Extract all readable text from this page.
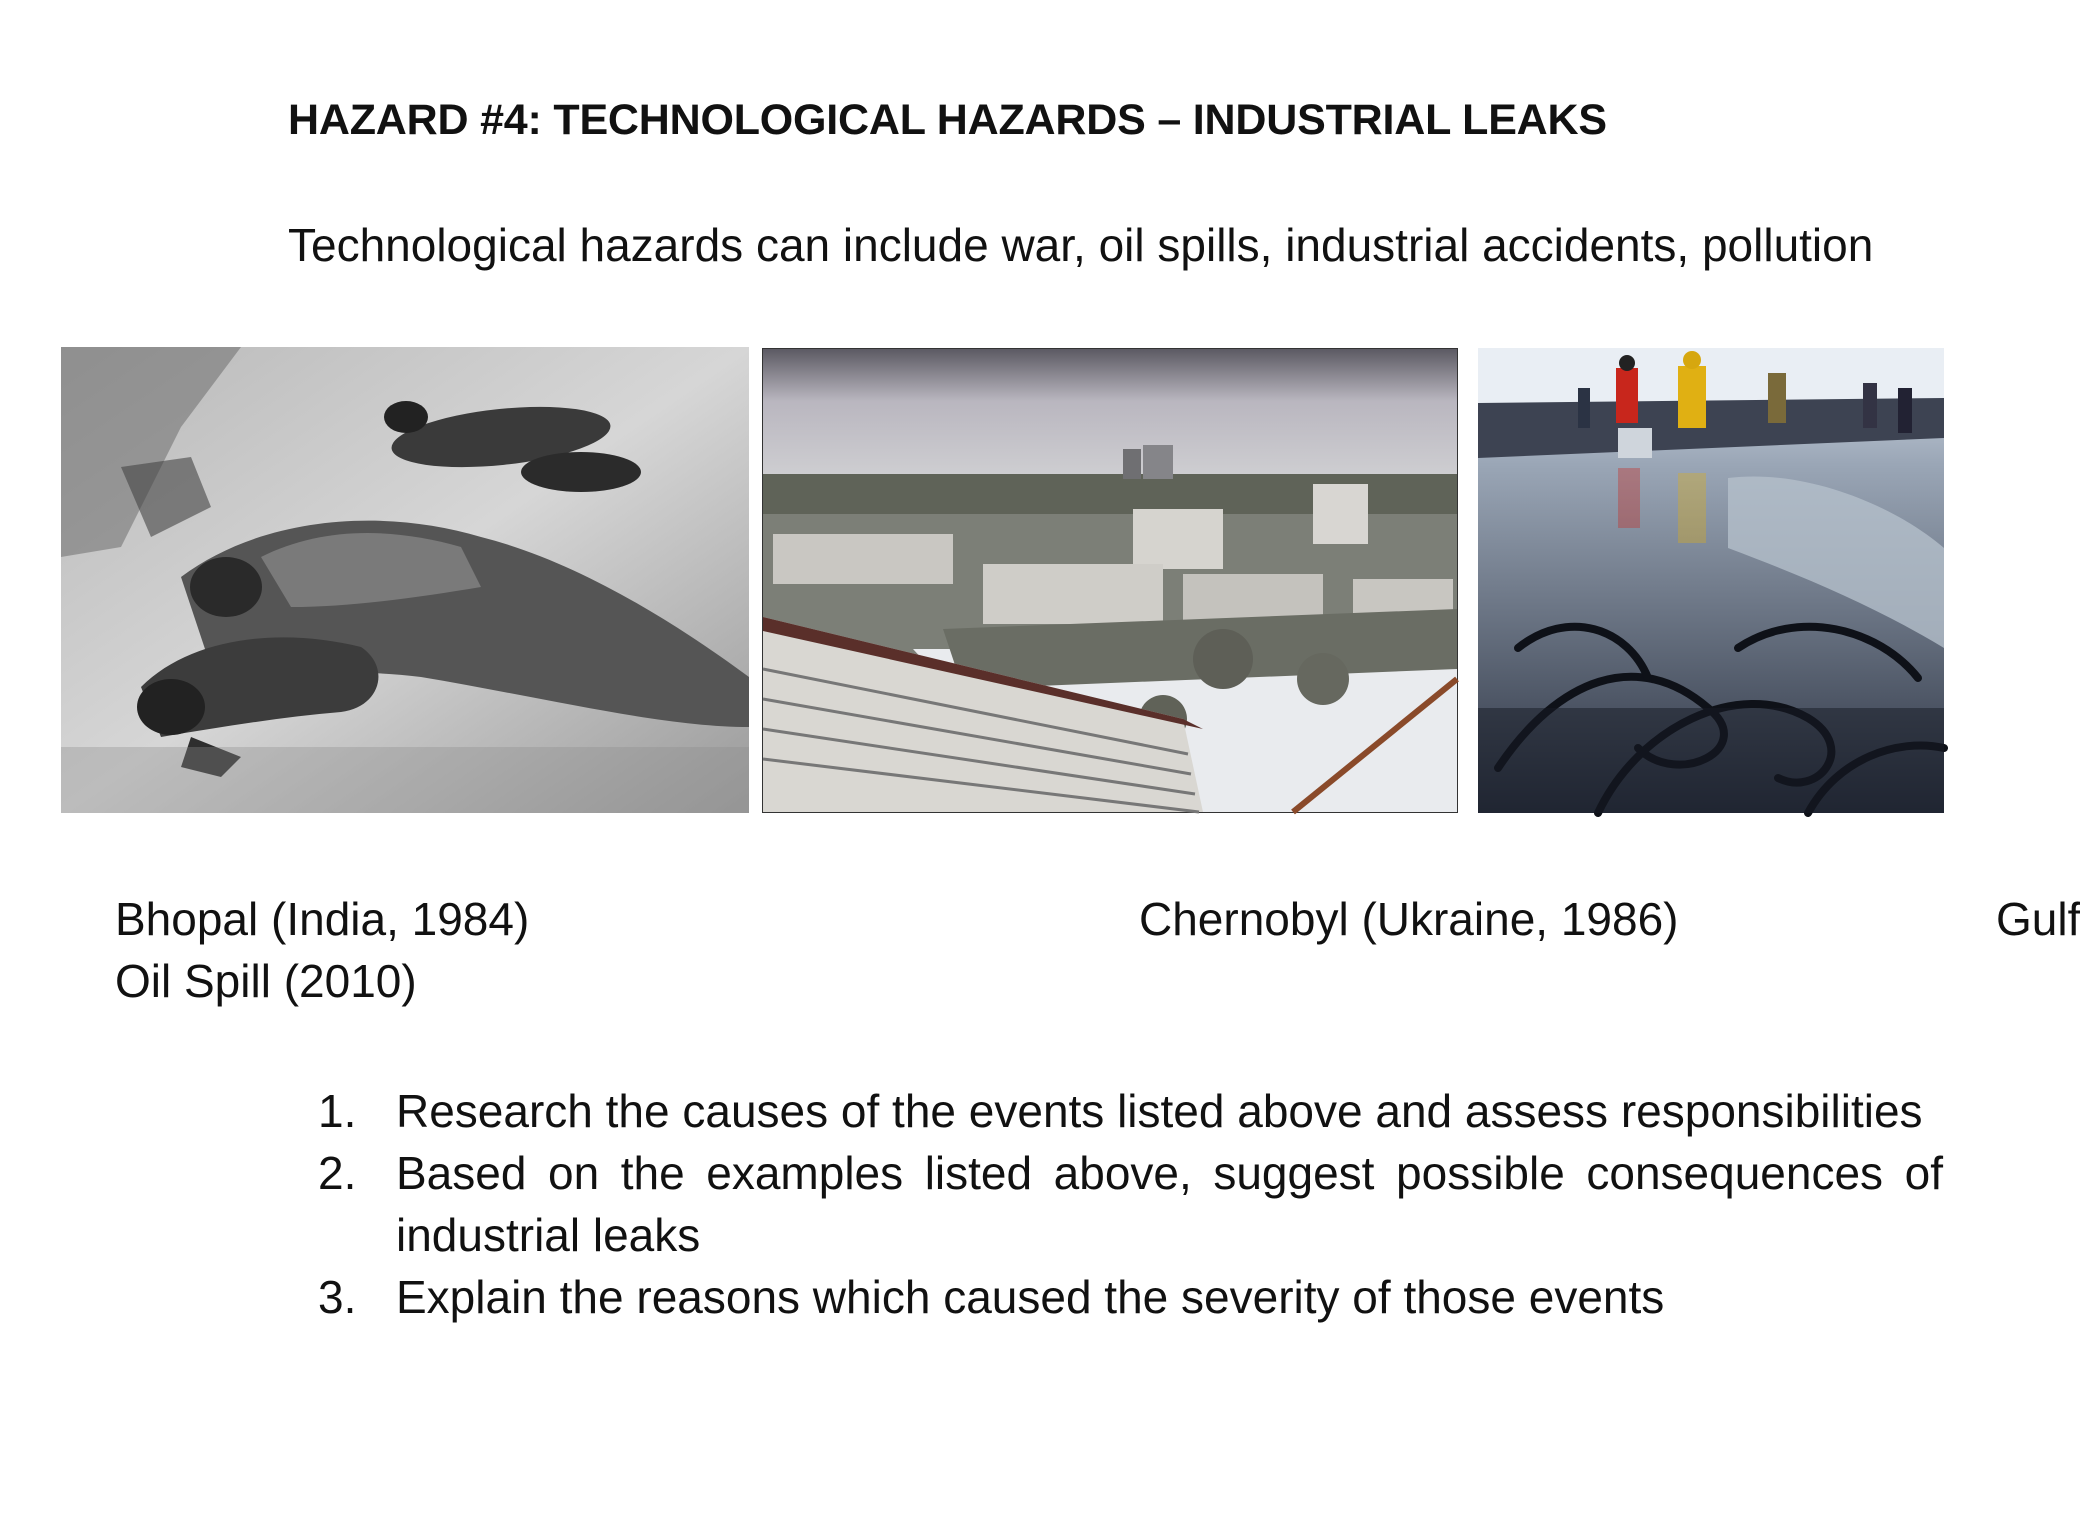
HAZARD #4: TECHNOLOGICAL HAZARDS – INDUSTRIAL LEAKS
Technological hazards can include war, oil spills, industrial accidents, pollution
Bhopal (India, 1984)	Chernobyl (Ukraine, 1986)	Gulf
Oil Spill (2010)
1. Research the causes of the events listed above and assess responsibilities
2. Based on the examples listed above, suggest possible consequences of industrial leaks
3. Explain the reasons which caused the severity of those events
